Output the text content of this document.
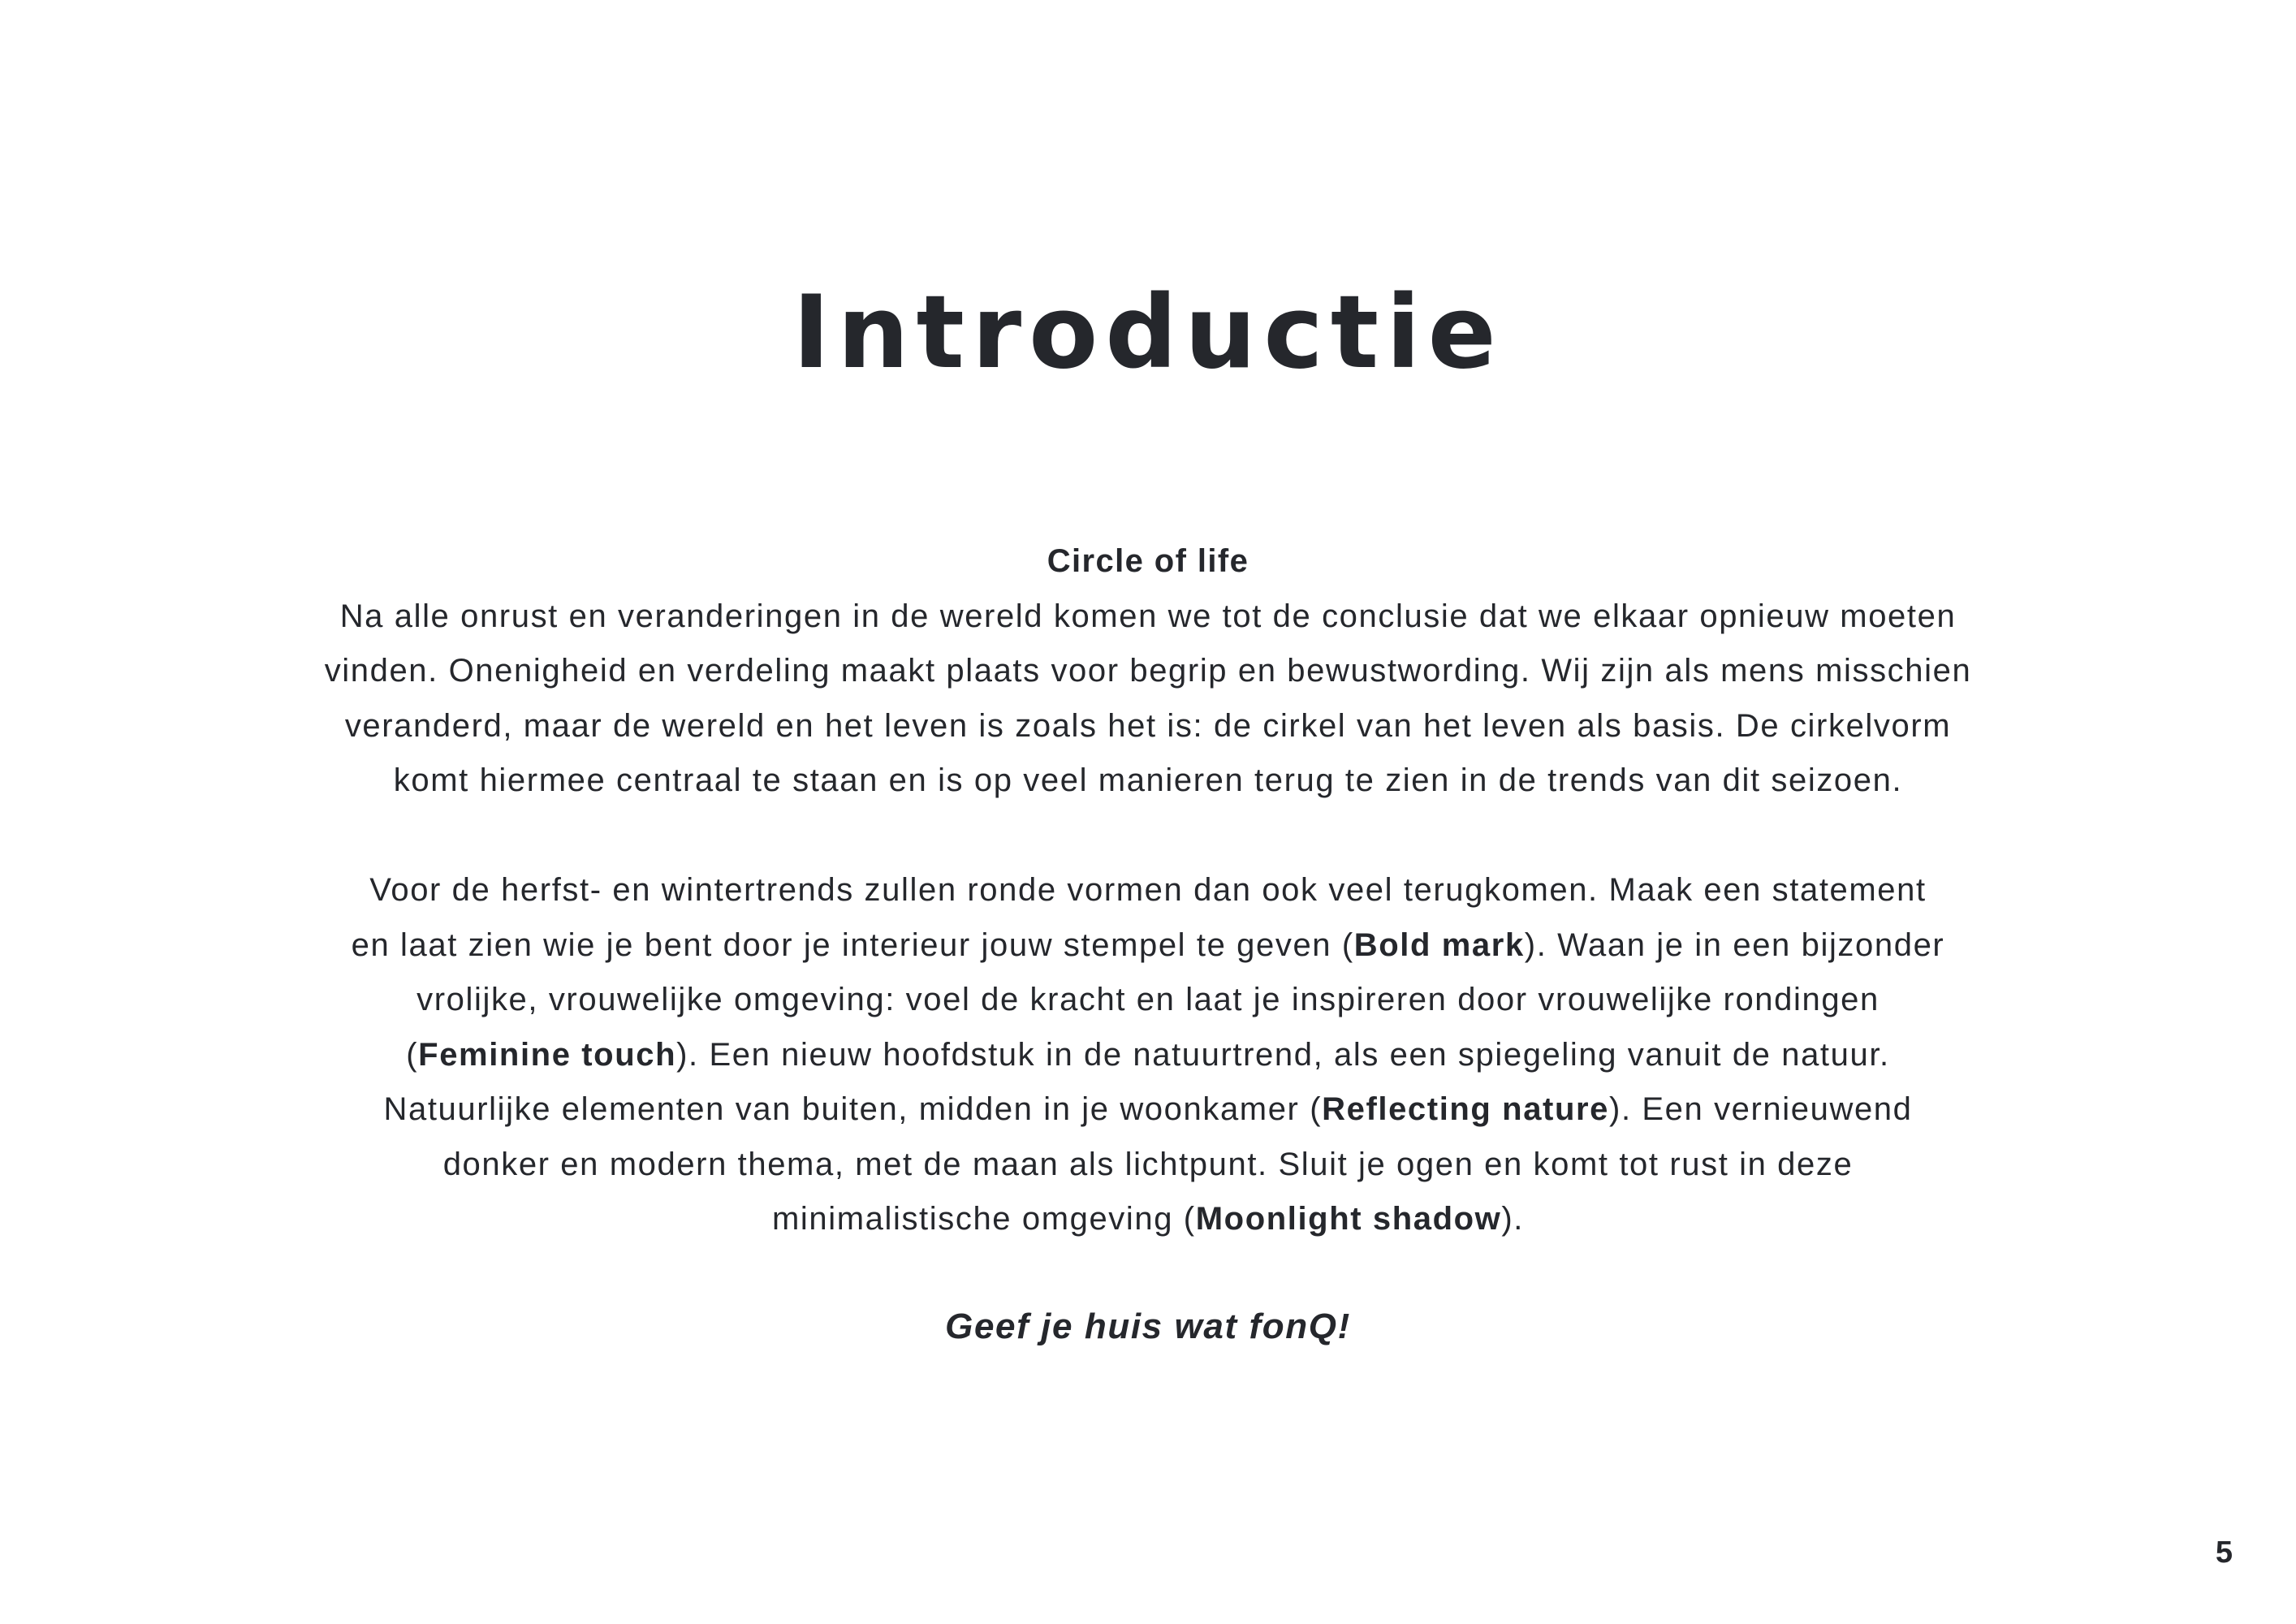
Introductie
Circle of life

Na alle onrust en veranderingen in de wereld komen we tot de conclusie dat we elkaar opnieuw moeten
vinden. Onenigheid en verdeling maakt plaats voor begrip en bewustwording. Wij zijn als mens misschien
veranderd, maar de wereld en het leven is zoals het is: de cirkel van het leven als basis. De cirkelvorm
komt hiermee centraal te staan en is op veel manieren terug te zien in de trends van dit seizoen.

Voor de herfst- en wintertrends zullen ronde vormen dan ook veel terugkomen. Maak een statement
en laat zien wie je bent door je interieur jouw stempel te geven (Bold mark). Waan je in een bijzonder
vrolijke, vrouwelijke omgeving: voel de kracht en laat je inspireren door vrouwelijke rondingen
(Feminine touch). Een nieuw hoofdstuk in de natuurtrend, als een spiegeling vanuit de natuur.
Natuurlijke elementen van buiten, midden in je woonkamer (Reflecting nature). Een vernieuwend
donker en modern thema, met de maan als lichtpunt. Sluit je ogen en komt tot rust in deze
minimalistische omgeving (Moonlight shadow).

Geef je huis wat fonQ!

5
